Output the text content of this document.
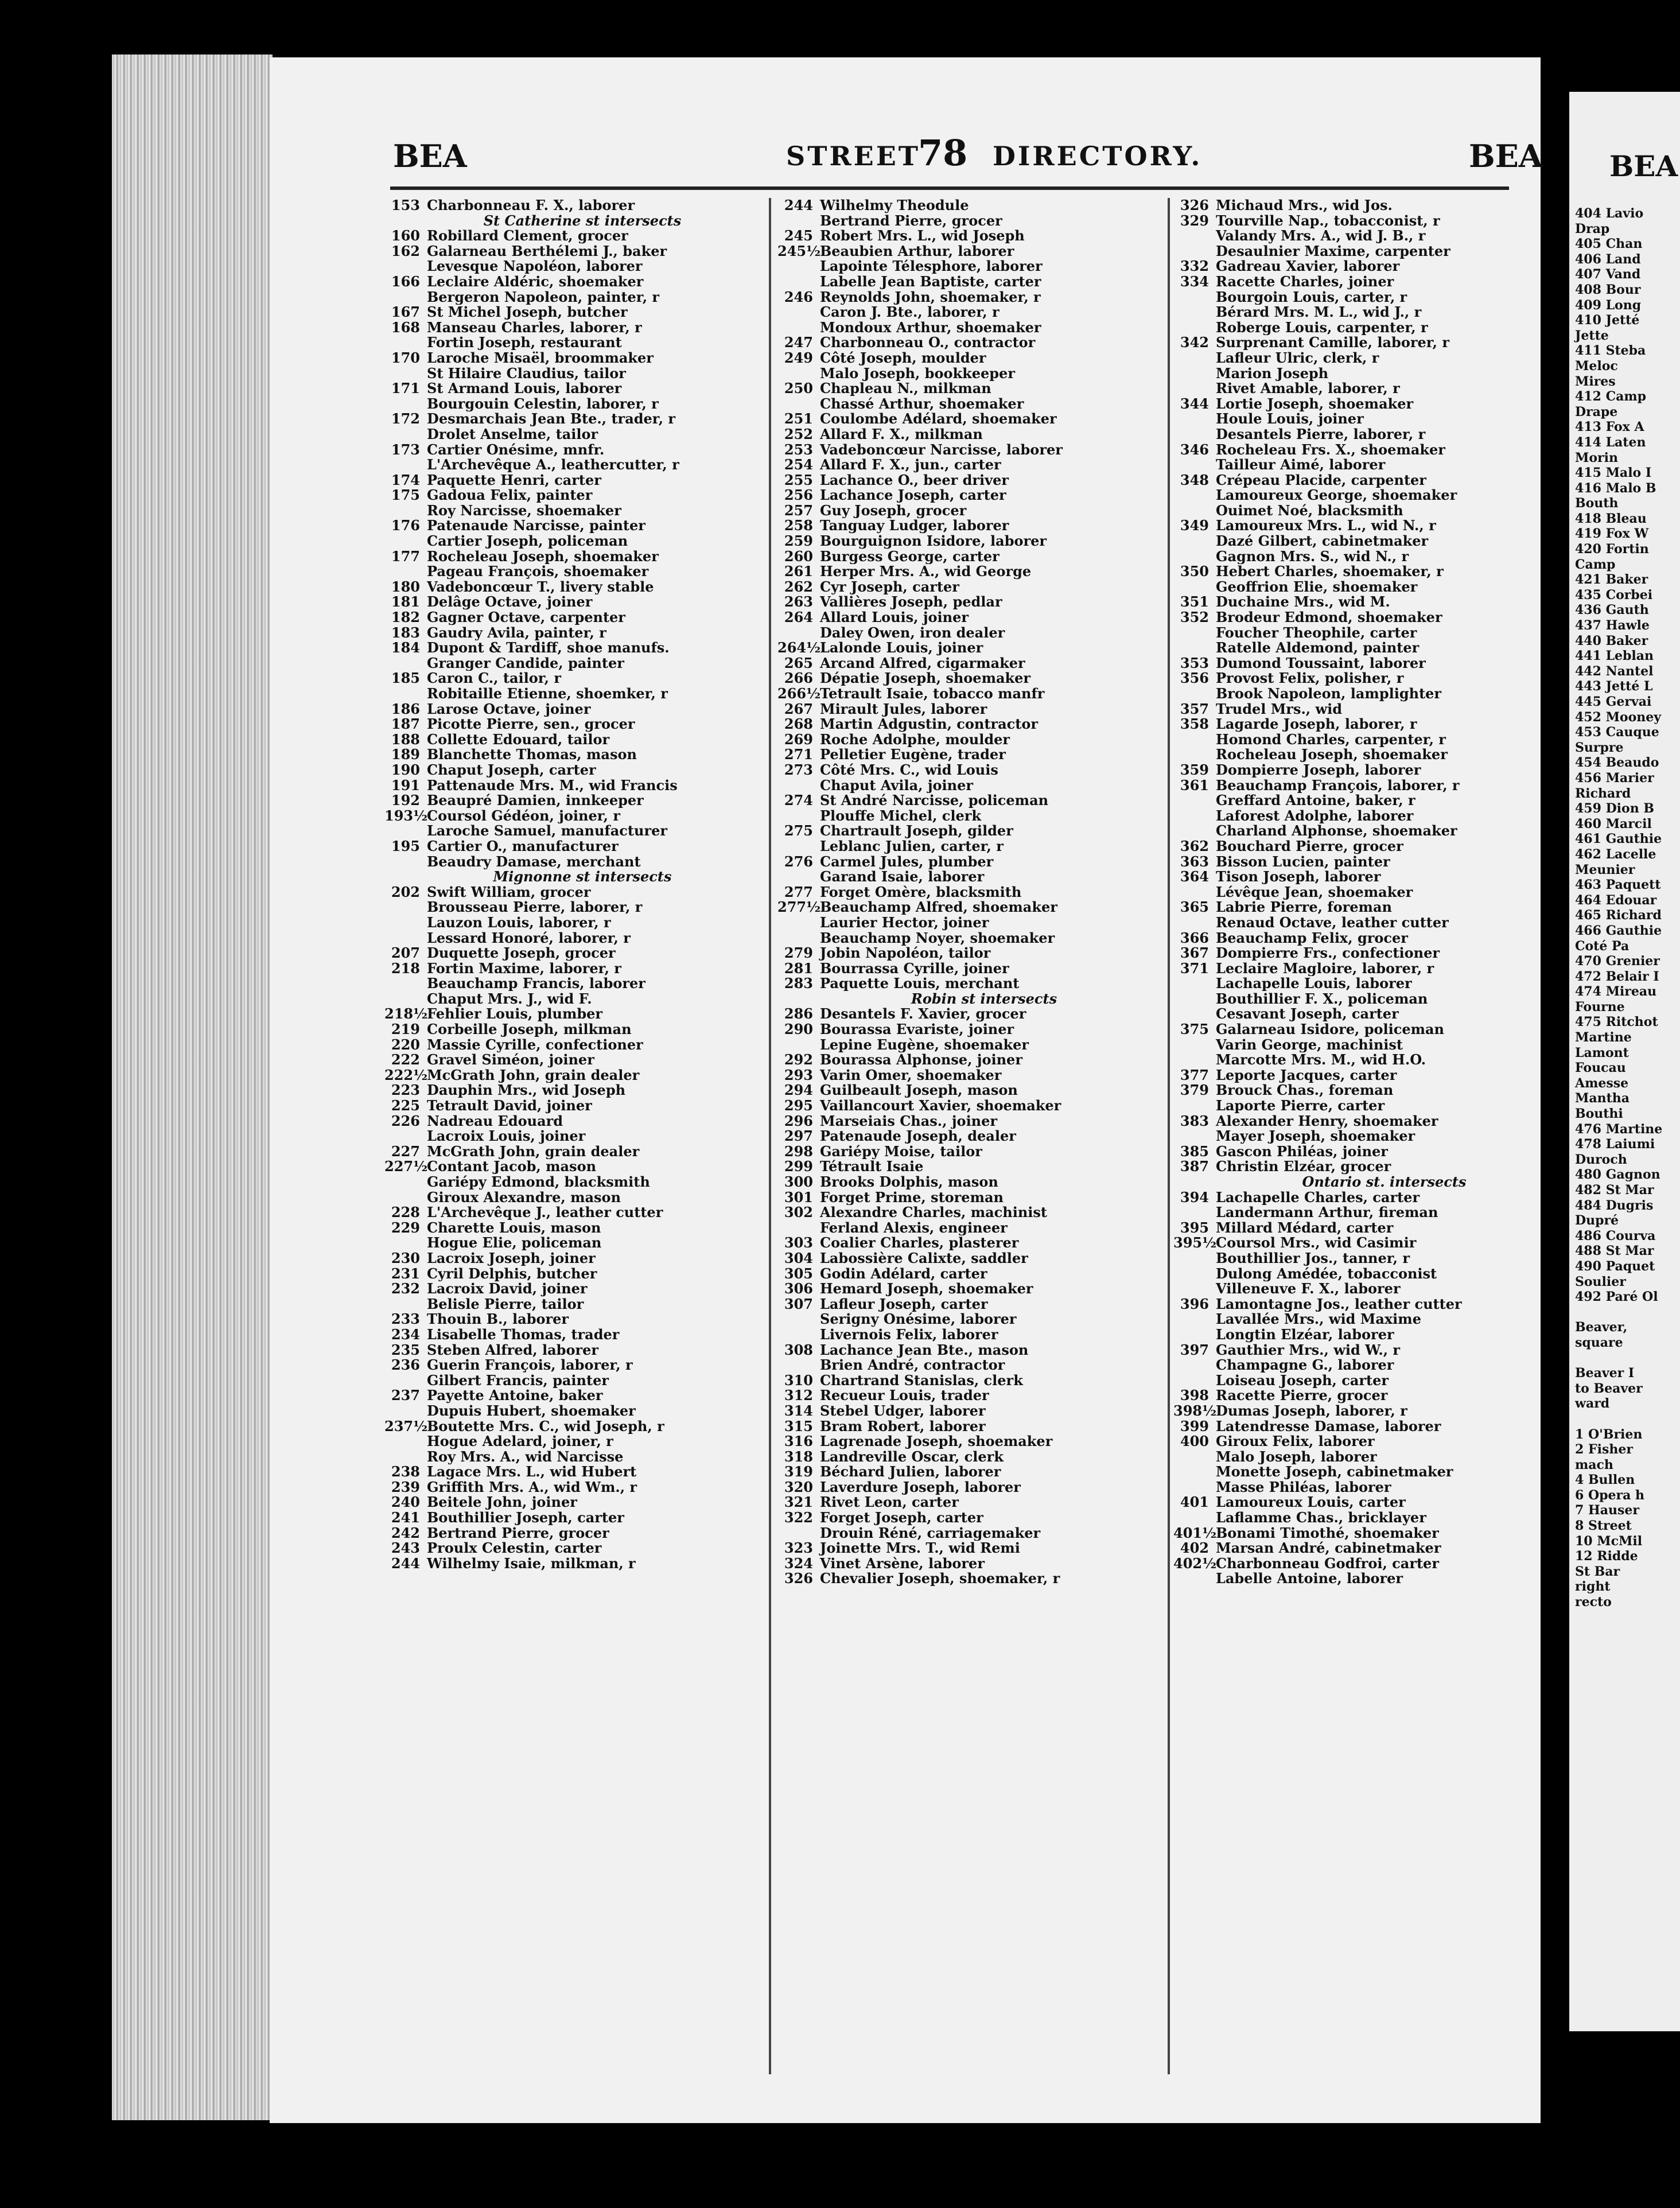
BEA	STREET
78 DIRECTORY.	BEA
153 Charbonneau F. X., laborer
St Catherine st intersects
160 Robillard Clement, grocer
162 Galarneau Berthélemi J., baker
Levesque Napoléon, laborer
166 Leclaire Aldéric, shoemaker
Bergeron Napoleon, painter, r
167 St Michel Joseph, butcher
168 Manseau Charles, laborer, r
Fortin Joseph, restaurant
170 Laroche Misaël, broommaker
St Hilaire Claudius, tailor
171 St Armand Louis, laborer
Bourgouin Celestin, laborer, r
172 Desmarchais Jean Bte., trader, r
Drolet Anselme, tailor
173 Cartier Onésime, mnfr.
L'Archevêque A., leathercutter, r
174 Paquette Henri, carter
175 Gadoua Felix, painter
Roy Narcisse, shoemaker
176 Patenaude Narcisse, painter
Cartier Joseph, policeman
177 Rocheleau Joseph, shoemaker
Pageau François, shoemaker
180 Vadeboncœur T., livery stable
181 Delâge Octave, joiner
182 Gagner Octave, carpenter
183 Gaudry Avila, painter, r
184 Dupont & Tardiff, shoe manufs.
Granger Candide, painter
185 Caron C., tailor, r
Robitaille Etienne, shoemker, r
186 Larose Octave, joiner
187 Picotte Pierre, sen., grocer
188 Collette Edouard, tailor
189 Blanchette Thomas, mason
190 Chaput Joseph, carter
191 Pattenaude Mrs. M., wid Francis
192 Beaupré Damien, innkeeper
193½Coursol Gédéon, joiner, r
Laroche Samuel, manufacturer
195 Cartier O., manufacturer
Beaudry Damase, merchant
Mignonne st intersects
202 Swift William, grocer
Brousseau Pierre, laborer, r
Lauzon Louis, laborer, r
Lessard Honoré, laborer, r
207 Duquette Joseph, grocer
218 Fortin Maxime, laborer, r
Beauchamp Francis, laborer
Chaput Mrs. J., wid F.
218½Fehlier Louis, plumber
219 Corbeille Joseph, milkman
220 Massie Cyrille, confectioner
222 Gravel Siméon, joiner
222½McGrath John, grain dealer
223 Dauphin Mrs., wid Joseph
225 Tetrault David, joiner
226 Nadreau Edouard
Lacroix Louis, joiner
227 McGrath John, grain dealer
227½Contant Jacob, mason
Gariépy Edmond, blacksmith
Giroux Alexandre, mason
228 L'Archevêque J., leather cutter
229 Charette Louis, mason
Hogue Elie, policeman
230 Lacroix Joseph, joiner
231 Cyril Delphis, butcher
232 Lacroix David, joiner
Belisle Pierre, tailor
233 Thouin B., laborer
234 Lisabelle Thomas, trader
235 Steben Alfred, laborer
236 Guerin François, laborer, r
Gilbert Francis, painter
237 Payette Antoine, baker
Dupuis Hubert, shoemaker
237½Boutette Mrs. C., wid Joseph, r
Hogue Adelard, joiner, r
Roy Mrs. A., wid Narcisse
238 Lagace Mrs. L., wid Hubert
239 Griffith Mrs. A., wid Wm., r
240 Beitele John, joiner
241 Bouthillier Joseph, carter
242 Bertrand Pierre, grocer
243 Proulx Celestin, carter
244 Wilhelmy Isaie, milkman, r
244 Wilhelmy Theodule
Bertrand Pierre, grocer
245 Robert Mrs. L., wid Joseph
245½Beaubien Arthur, laborer
Lapointe Télesphore, laborer
Labelle Jean Baptiste, carter
246 Reynolds John, shoemaker, r
Caron J. Bte., laborer, r
Mondoux Arthur, shoemaker
247 Charbonneau O., contractor
249 Côté Joseph, moulder
Malo Joseph, bookkeeper
250 Chapleau N., milkman
Chassé Arthur, shoemaker
251 Coulombe Adélard, shoemaker
252 Allard F. X., milkman
253 Vadeboncœur Narcisse, laborer
254 Allard F. X., jun., carter
255 Lachance O., beer driver
256 Lachance Joseph, carter
257 Guy Joseph, grocer
258 Tanguay Ludger, laborer
259 Bourguignon Isidore, laborer
260 Burgess George, carter
261 Herper Mrs. A., wid George
262 Cyr Joseph, carter
263 Vallières Joseph, pedlar
264 Allard Louis, joiner
Daley Owen, iron dealer
264½Lalonde Louis, joiner
265 Arcand Alfred, cigarmaker
266 Dépatie Joseph, shoemaker
266½Tetrault Isaie, tobacco manfr
267 Mirault Jules, laborer
268 Martin Adgustin, contractor
269 Roche Adolphe, moulder
271 Pelletier Eugène, trader
273 Côté Mrs. C., wid Louis
Chaput Avila, joiner
274 St André Narcisse, policeman
Plouffe Michel, clerk
275 Chartrault Joseph, gilder
Leblanc Julien, carter, r
276 Carmel Jules, plumber
Garand Isaie, laborer
277 Forget Omère, blacksmith
277½Beauchamp Alfred, shoemaker
Laurier Hector, joiner
Beauchamp Noyer, shoemaker
279 Jobin Napoléon, tailor
281 Bourrassa Cyrille, joiner
283 Paquette Louis, merchant
Robin st intersects
286 Desantels F. Xavier, grocer
290 Bourassa Evariste, joiner
Lepine Eugène, shoemaker
292 Bourassa Alphonse, joiner
293 Varin Omer, shoemaker
294 Guilbeault Joseph, mason
295 Vaillancourt Xavier, shoemaker
296 Marseiais Chas., joiner
297 Patenaude Joseph, dealer
298 Gariépy Moise, tailor
299 Tétrault Isaie
300 Brooks Dolphis, mason
301 Forget Prime, storeman
302 Alexandre Charles, machinist
Ferland Alexis, engineer
303 Coalier Charles, plasterer
304 Labossière Calixte, saddler
305 Godin Adélard, carter
306 Hemard Joseph, shoemaker
307 Lafleur Joseph, carter
Serigny Onésime, laborer
Livernois Felix, laborer
308 Lachance Jean Bte., mason
Brien André, contractor
310 Chartrand Stanislas, clerk
312 Recueur Louis, trader
314 Stebel Udger, laborer
315 Bram Robert, laborer
316 Lagrenade Joseph, shoemaker
318 Landreville Oscar, clerk
319 Béchard Julien, laborer
320 Laverdure Joseph, laborer
321 Rivet Leon, carter
322 Forget Joseph, carter
Drouin Réné, carriagemaker
323 Joinette Mrs. T., wid Remi
324 Vinet Arsène, laborer
326 Chevalier Joseph, shoemaker, r
326 Michaud Mrs., wid Jos.
329 Tourville Nap., tobacconist, r
Valandy Mrs. A., wid J. B., r
Desaulnier Maxime, carpenter
332 Gadreau Xavier, laborer
334 Racette Charles, joiner
Bourgoin Louis, carter, r
Bérard Mrs. M. L., wid J., r
Roberge Louis, carpenter, r
342 Surprenant Camille, laborer, r
Lafleur Ulric, clerk, r
Marion Joseph
Rivet Amable, laborer, r
344 Lortie Joseph, shoemaker
Houle Louis, joiner
Desantels Pierre, laborer, r
346 Rocheleau Frs. X., shoemaker
Tailleur Aimé, laborer
348 Crépeau Placide, carpenter
Lamoureux George, shoemaker
Ouimet Noé, blacksmith
349 Lamoureux Mrs. L., wid N., r
Dazé Gilbert, cabinetmaker
Gagnon Mrs. S., wid N., r
350 Hebert Charles, shoemaker, r
Geoffrion Elie, shoemaker
351 Duchaine Mrs., wid M.
352 Brodeur Edmond, shoemaker
Foucher Theophile, carter
Ratelle Aldemond, painter
353 Dumond Toussaint, laborer
356 Provost Felix, polisher, r
Brook Napoleon, lamplighter
357 Trudel Mrs., wid
358 Lagarde Joseph, laborer, r
Homond Charles, carpenter, r
Rocheleau Joseph, shoemaker
359 Dompierre Joseph, laborer
361 Beauchamp François, laborer, r
Greffard Antoine, baker, r
Laforest Adolphe, laborer
Charland Alphonse, shoemaker
362 Bouchard Pierre, grocer
363 Bisson Lucien, painter
364 Tison Joseph, laborer
Lévêque Jean, shoemaker
365 Labrie Pierre, foreman
Renaud Octave, leather cutter
366 Beauchamp Felix, grocer
367 Dompierre Frs., confectioner
371 Leclaire Magloire, laborer, r
Lachapelle Louis, laborer
Bouthillier F. X., policeman
Cesavant Joseph, carter
375 Galarneau Isidore, policeman
Varin George, machinist
Marcotte Mrs. M., wid H.O.
377 Leporte Jacques, carter
379 Brouck Chas., foreman
Laporte Pierre, carter
383 Alexander Henry, shoemaker
Mayer Joseph, shoemaker
385 Gascon Philéas, joiner
387 Christin Elzéar, grocer
Ontario st. intersects
394 Lachapelle Charles, carter
Landermann Arthur, fireman
395 Millard Médard, carter
395½Coursol Mrs., wid Casimir
Bouthillier Jos., tanner, r
Dulong Amédée, tobacconist
Villeneuve F. X., laborer
396 Lamontagne Jos., leather cutter
Lavallée Mrs., wid Maxime
Longtin Elzéar, laborer
397 Gauthier Mrs., wid W., r
Champagne G., laborer
Loiseau Joseph, carter
398 Racette Pierre, grocer
398½Dumas Joseph, laborer, r
399 Latendresse Damase, laborer
400 Giroux Felix, laborer
Malo Joseph, laborer
Monette Joseph, cabinetmaker
Masse Philéas, laborer
401 Lamoureux Louis, carter
Laflamme Chas., bricklayer
401½Bonami Timothé, shoemaker
402 Marsan André, cabinetmaker
402½Charbonneau Godfroi, carter
Labelle Antoine, laborer
BEA
404 Lavio
Drap
405 Chan
406 Land
407 Vand
408 Bour
409 Long
410 Jetté
Jette
411 Steba
Meloc
Mires
412 Camp
Drape
413 Fox A
414 Laten
Morin
415 Malo I
416 Malo B
Bouth
418 Bleau
419 Fox W
420 Fortin
Camp
421 Baker
435 Corbei
436 Gauth
437 Hawle
440 Baker
441 Leblan
442 Nantel
443 Jetté L
445 Gervai
452 Mooney
453 Cauque
Surpre
454 Beaudo
456 Marier
Richard
459 Dion B
460 Marcil
461 Gauthie
462 Lacelle
Meunier
463 Paquett
464 Edouar
465 Richard
466 Gauthie
Coté Pa
470 Grenier
472 Belair I
474 Mireau
Fourne
475 Ritchot
Martine
Lamont
Foucau
Amesse
Mantha
Bouthi
476 Martine
478 Laiumi
Duroch
480 Gagnon
482 St Mar
484 Dugris
Dupré
486 Courva
488 St Mar
490 Paquet
Soulier
492 Paré Ol
Beaver,
square
Beaver I
to Beaver
ward
1 O'Brien
2 Fisher
mach
4 Bullen
6 Opera h
7 Hauser
8 Street
10 McMil
12 Ridde
St Bar
right
recto
